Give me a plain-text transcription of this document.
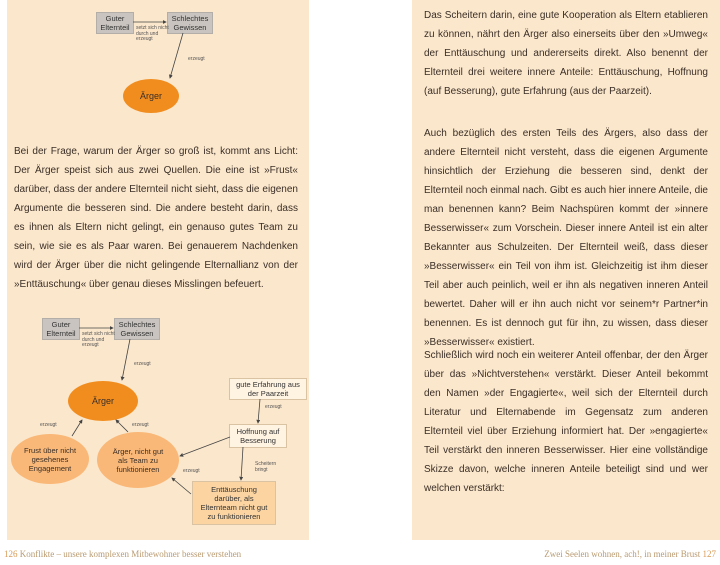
Guter Elternteil
Schlechtes Gewissen
setzt sich nicht durch und erzeugt
erzeugt
Ärger

Bei der Frage, warum der Ärger so groß ist, kommt ans Licht: Der Ärger speist sich aus zwei Quellen. Die eine ist »Frust« darüber, dass der andere Elternteil nicht sieht, dass die eigenen Argumente die besseren sind. Die andere besteht darin, dass es ihnen als Eltern nicht gelingt, ein genauso gutes Team zu sein, wie sie es als Paar waren. Bei genauerem Nachdenken wird der Ärger über die nicht gelingende Elternallianz von der »Enttäuschung« über genau dieses Misslingen befeuert.

Guter Elternteil
Schlechtes Gewissen
setzt sich nicht durch und erzeugt
erzeugt
Ärger
erzeugt	erzeugt
Frust über nicht gesehenes Engagement
Ärger, nicht gut als Team zu funktionieren
gute Erfahrung aus der Paarzeit
erzeugt
Hoffnung auf Besserung
Scheitern bringt
erzeugt
Enttäuschung darüber, als Elternteam nicht gut zu funktionieren

Das Scheitern darin, eine gute Kooperation als Eltern etablieren zu können, nährt den Ärger also einerseits über den »Umweg« der Enttäuschung und andererseits direkt. Also benennt der Elternteil drei weitere innere Anteile: Enttäuschung, Hoffnung (auf Besserung), gute Erfahrung (aus der Paarzeit).

Auch bezüglich des ersten Teils des Ärgers, also dass der andere Elternteil nicht versteht, dass die eigenen Argumente hinsichtlich der Erziehung die besseren sind, denkt der Elternteil noch einmal nach. Gibt es auch hier innere Anteile, die man benennen kann? Beim Nachspüren kommt der »innere Besserwisser« zum Vorschein. Dieser innere Anteil ist ein alter Bekannter aus Schulzeiten. Der Elternteil weiß, dass dieser »Besserwisser« ein Teil von ihm ist. Gleichzeitig ist ihm dieser Teil aber auch peinlich, weil er ihn als negativen inneren Anteil bewertet. Daher will er ihn auch nicht vor seinem*r Partner*in benennen. Es ist dennoch gut für ihn, zu wissen, dass dieser »Besserwisser« existiert.

Schließlich wird noch ein weiterer Anteil offenbar, der den Ärger über das »Nichtverstehen« verstärkt. Dieser Anteil bekommt den Namen »der Engagierte«, weil sich der Elternteil durch Literatur und Elternabende im Gegensatz zum anderen Elternteil viel über Erziehung informiert hat. Der »engagierte« Teil verstärkt den inneren Besserwisser. Hier eine vollständige Skizze davon, welche inneren Anteile beteiligt sind und wer welchen verstärkt:

126 Konflikte – unsere komplexen Mitbewohner besser verstehen	Zwei Seelen wohnen, ach!, in meiner Brust 127
